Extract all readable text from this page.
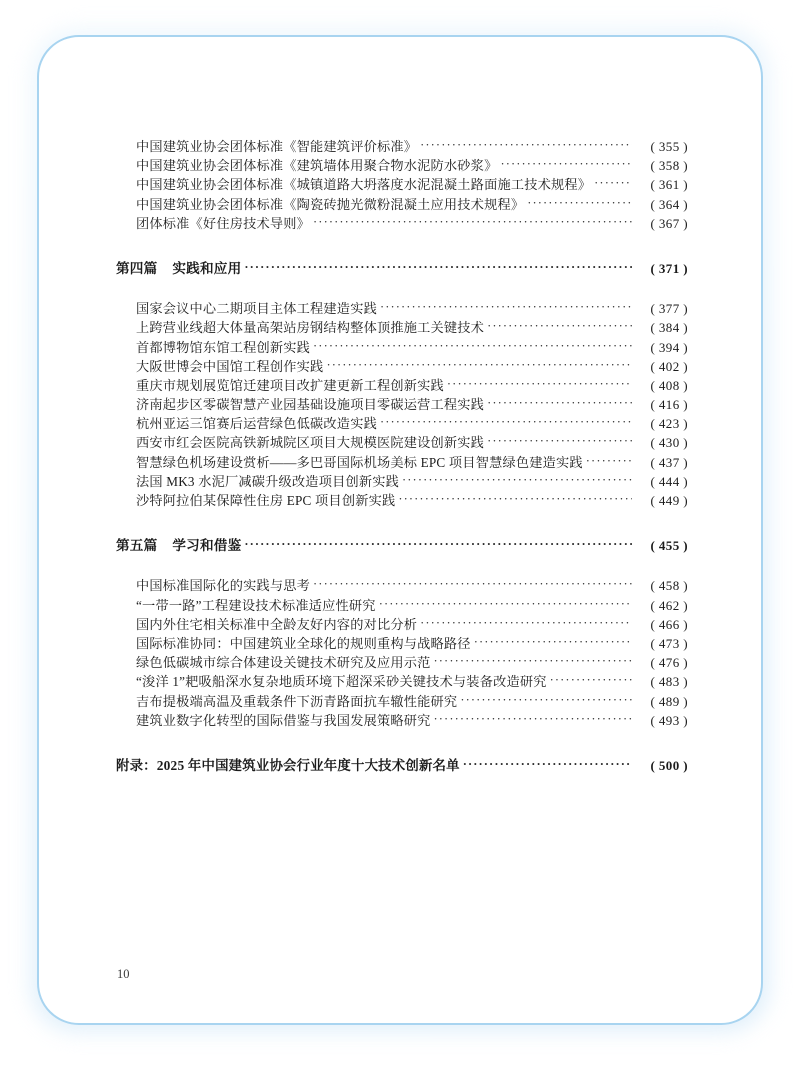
中国建筑业协会团体标准《智能建筑评价标准》 ·····	( 355 )
中国建筑业协会团体标准《建筑墙体用聚合物水泥防水砂浆》 ·····	( 358 )
中国建筑业协会团体标准《城镇道路大坍落度水泥混凝土路面施工技术规程》 ·····	( 361 )
中国建筑业协会团体标准《陶瓷砖抛光微粉混凝土应用技术规程》 ·····	( 364 )
团体标准《好住房技术导则》 ·····	( 367 )
第四篇 实践和应用 ·····	( 371 )
国家会议中心二期项目主体工程建造实践 ·····	( 377 )
上跨营业线超大体量高架站房钢结构整体顶推施工关键技术 ·····	( 384 )
首都博物馆东馆工程创新实践 ·····	( 394 )
大阪世博会中国馆工程创作实践 ·····	( 402 )
重庆市规划展览馆迁建项目改扩建更新工程创新实践 ·····	( 408 )
济南起步区零碳智慧产业园基础设施项目零碳运营工程实践 ·····	( 416 )
杭州亚运三馆赛后运营绿色低碳改造实践 ·····	( 423 )
西安市红会医院高铁新城院区项目大规模医院建设创新实践 ·····	( 430 )
智慧绿色机场建设赏析——多巴哥国际机场美标 EPC 项目智慧绿色建造实践 ·····	( 437 )
法国 MK3 水泥厂减碳升级改造项目创新实践 ·····	( 444 )
沙特阿拉伯某保障性住房 EPC 项目创新实践 ·····	( 449 )
第五篇 学习和借鉴 ·····	( 455 )
中国标准国际化的实践与思考 ·····	( 458 )
“一带一路”工程建设技术标准适应性研究 ·····	( 462 )
国内外住宅相关标准中全龄友好内容的对比分析 ·····	( 466 )
国际标准协同：中国建筑业全球化的规则重构与战略路径 ·····	( 473 )
绿色低碳城市综合体建设关键技术研究及应用示范 ·····	( 476 )
“浚洋 1”耙吸船深水复杂地质环境下超深采砂关键技术与装备改造研究 ·····	( 483 )
吉布提极端高温及重载条件下沥青路面抗车辙性能研究 ·····	( 489 )
建筑业数字化转型的国际借鉴与我国发展策略研究 ·····	( 493 )
附录：2025 年中国建筑业协会行业年度十大技术创新名单 ·····	( 500 )
10
